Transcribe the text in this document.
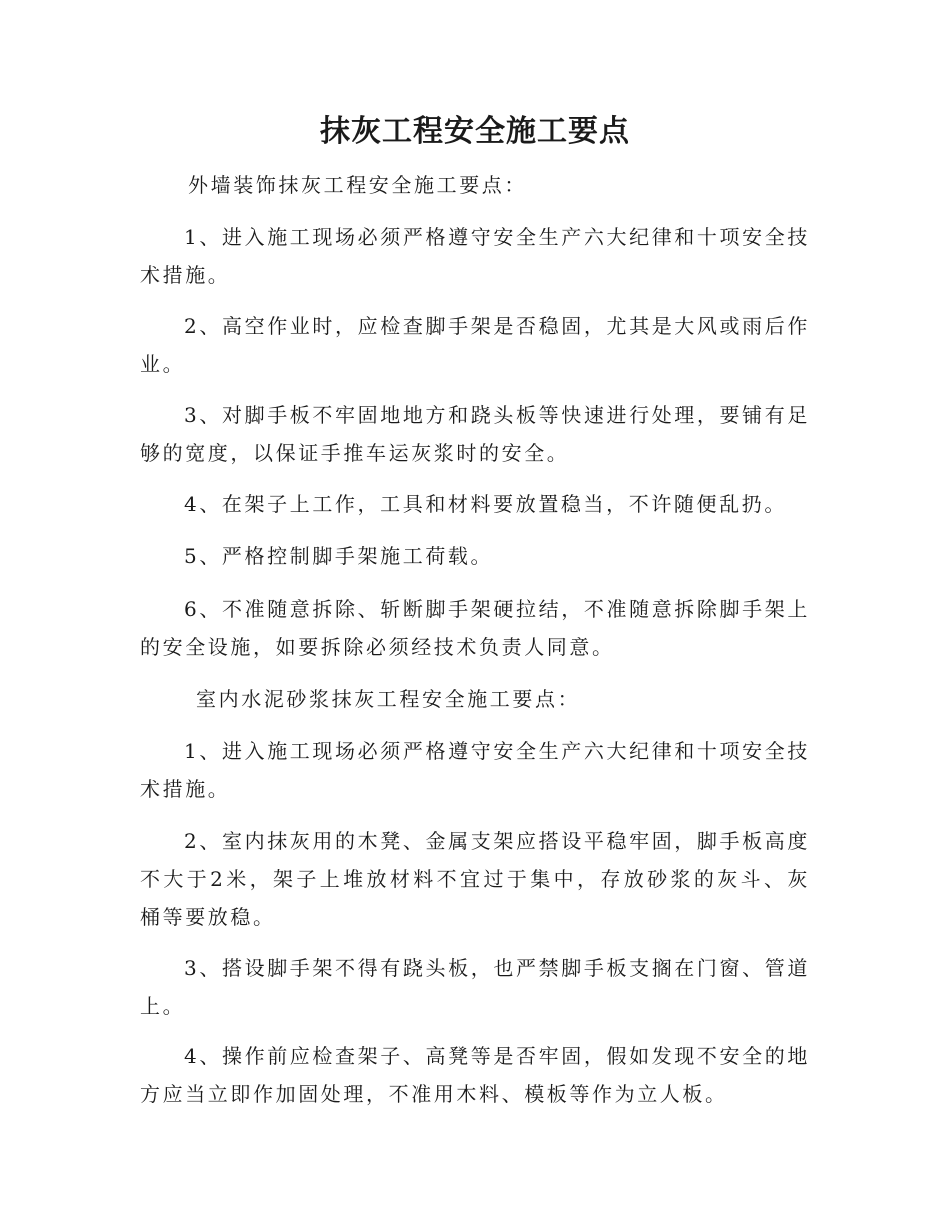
抹灰工程安全施工要点
外墙装饰抹灰工程安全施工要点：
1、进入施工现场必须严格遵守安全生产六大纪律和十项安全技术措施。
2、高空作业时，应检查脚手架是否稳固，尤其是大风或雨后作业。
3、对脚手板不牢固地地方和跷头板等快速进行处理，要铺有足够的宽度，以保证手推车运灰浆时的安全。
4、在架子上工作，工具和材料要放置稳当，不许随便乱扔。
5、严格控制脚手架施工荷载。
6、不准随意拆除、斩断脚手架硬拉结，不准随意拆除脚手架上的安全设施，如要拆除必须经技术负责人同意。
室内水泥砂浆抹灰工程安全施工要点：
1、进入施工现场必须严格遵守安全生产六大纪律和十项安全技术措施。
2、室内抹灰用的木凳、金属支架应搭设平稳牢固，脚手板高度不大于2米，架子上堆放材料不宜过于集中，存放砂浆的灰斗、灰桶等要放稳。
3、搭设脚手架不得有跷头板，也严禁脚手板支搁在门窗、管道上。
4、操作前应检查架子、高凳等是否牢固，假如发现不安全的地方应当立即作加固处理，不准用木料、模板等作为立人板。
